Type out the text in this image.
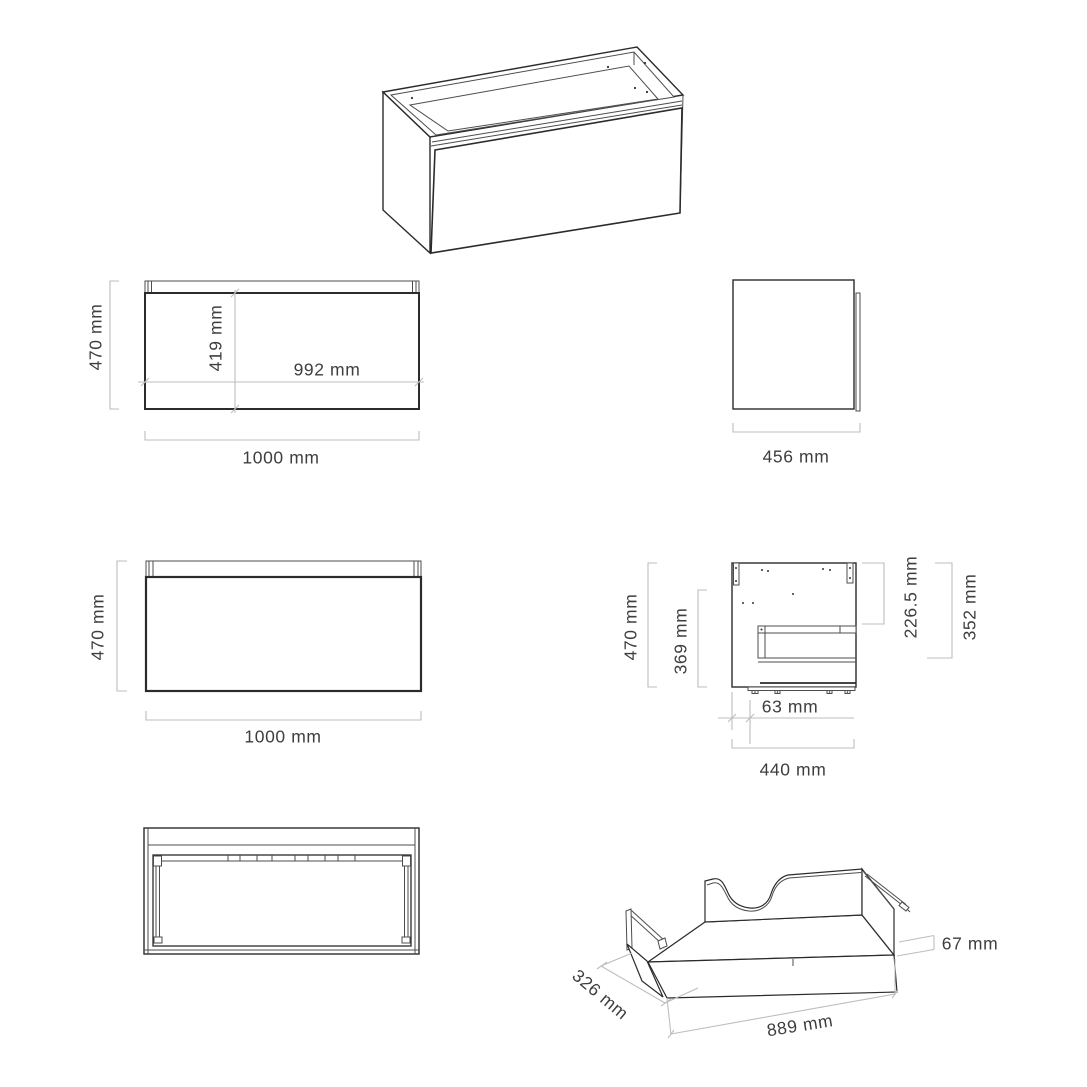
470 mm	419 mm	992 mm
1000 mm	456 mm
470 mm
1000 mm
470 mm 369 mm
226.5 mm 352 mm
63 mm
440 mm
326 mm
889 mm
67 mm
